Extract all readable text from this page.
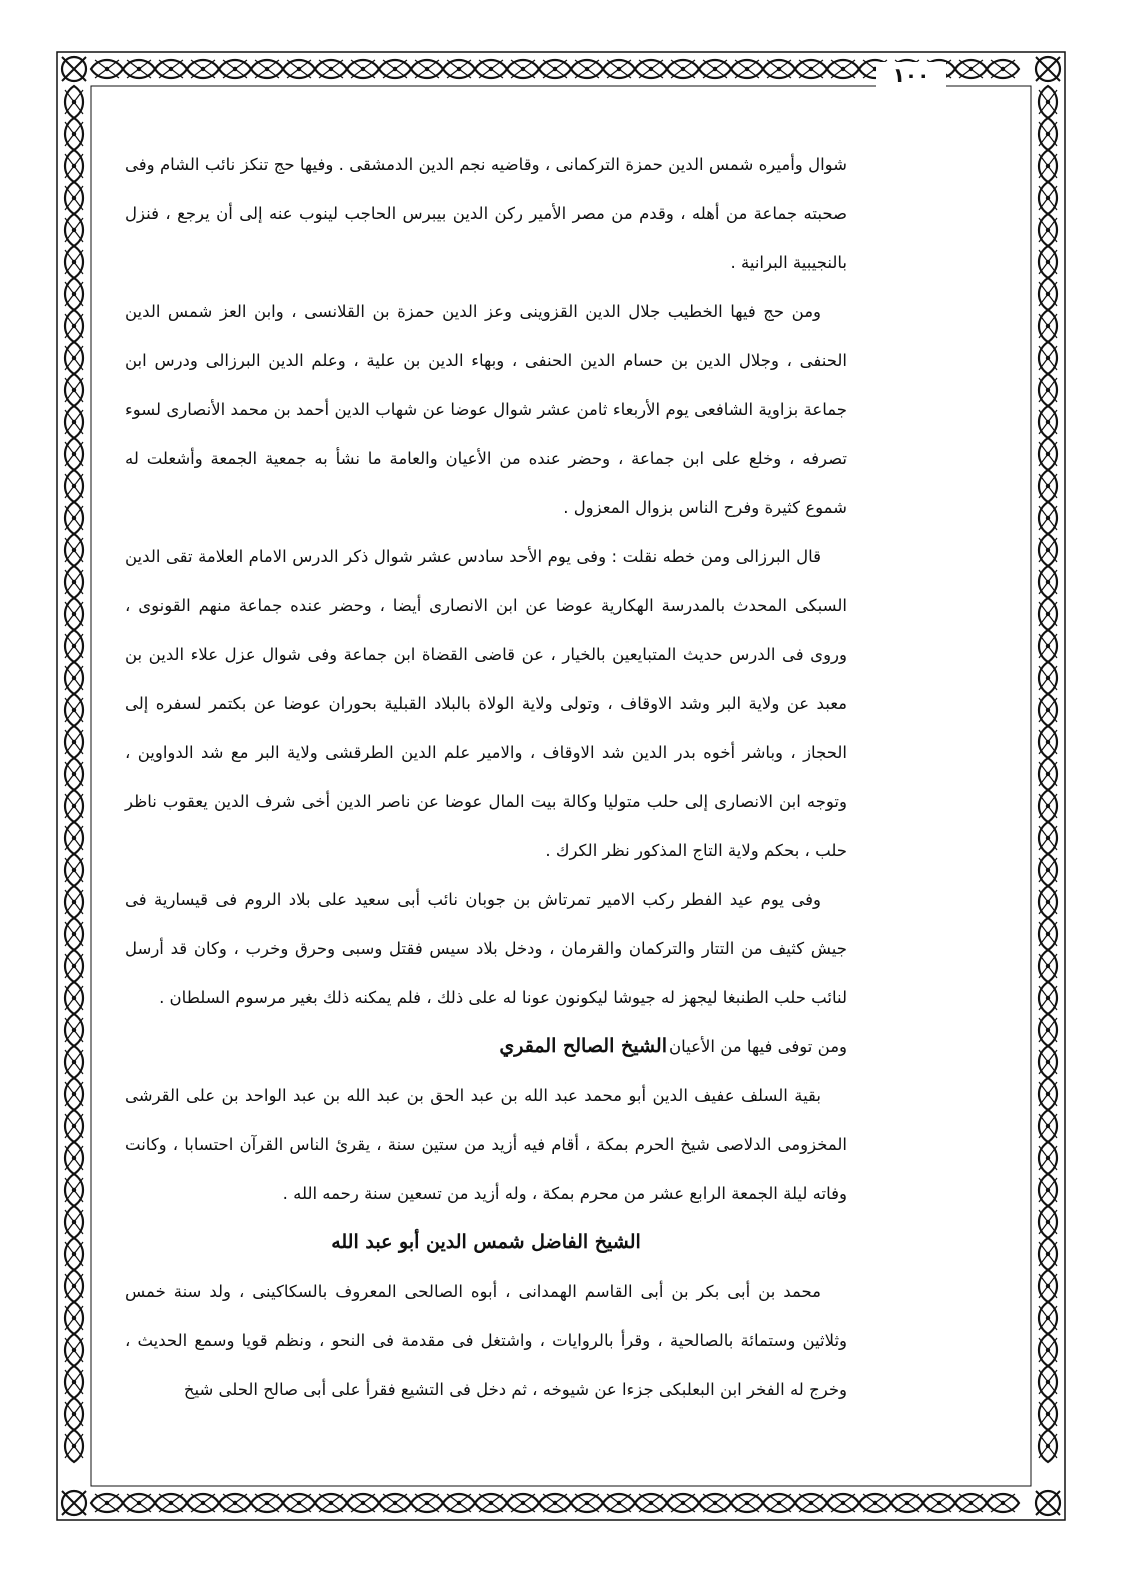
١٠٠

شوال وأميره شمس الدين حمزة التركمانى ، وقاضيه نجم الدين الدمشقى . وفيها حج تنكز نائب الشام وفى صحبته جماعة من أهله ، وقدم من مصر الأمير ركن الدين بيبرس الحاجب لينوب عنه إلى أن يرجع ، فنزل بالنجيبية البرانية .

ومن حج فيها الخطيب جلال الدين القزوينى وعز الدين حمزة بن القلانسى ، وابن العز شمس الدين الحنفى ، وجلال الدين بن حسام الدين الحنفى ، وبهاء الدين بن علية ، وعلم الدين البرزالى ودرس ابن جماعة بزاوية الشافعى يوم الأربعاء ثامن عشر شوال عوضا عن شهاب الدين أحمد بن محمد الأنصارى لسوء تصرفه ، وخلع على ابن جماعة ، وحضر عنده من الأعيان والعامة ما نشأ به جمعية الجمعة وأشعلت له شموع كثيرة وفرح الناس بزوال المعزول .

قال البرزالى ومن خطه نقلت : وفى يوم الأحد سادس عشر شوال ذكر الدرس الامام العلامة تقى الدين السبكى المحدث بالمدرسة الهكارية عوضا عن ابن الانصارى أيضا ، وحضر عنده جماعة منهم القونوى ، وروى فى الدرس حديث المتبايعين بالخيار ، عن قاضى القضاة ابن جماعة وفى شوال عزل علاء الدين بن معبد عن ولاية البر وشد الاوقاف ، وتولى ولاية الولاة بالبلاد القبلية بحوران عوضا عن بكتمر لسفره إلى الحجاز ، وباشر أخوه بدر الدين شد الاوقاف ، والامير علم الدين الطرقشى ولاية البر مع شد الدواوين ، وتوجه ابن الانصارى إلى حلب متوليا وكالة بيت المال عوضا عن ناصر الدين أخى شرف الدين يعقوب ناظر حلب ، بحكم ولاية التاج المذكور نظر الكرك .

وفى يوم عيد الفطر ركب الامير تمرتاش بن جوبان نائب أبى سعيد على بلاد الروم فى قيسارية فى جيش كثيف من التتار والتركمان والقرمان ، ودخل بلاد سيس فقتل وسبى وحرق وخرب ، وكان قد أرسل لنائب حلب الطنبغا ليجهز له جيوشا ليكونون عونا له على ذلك ، فلم يمكنه ذلك بغير مرسوم السلطان .

ومن توفى فيها من الأعيان
الشيخ الصالح المقري

بقية السلف عفيف الدين أبو محمد عبد الله بن عبد الحق بن عبد الله بن عبد الواحد بن على القرشى المخزومى الدلاصى شيخ الحرم بمكة ، أقام فيه أزيد من ستين سنة ، يقرئ الناس القرآن احتسابا ، وكانت وفاته ليلة الجمعة الرابع عشر من محرم بمكة ، وله أزيد من تسعين سنة رحمه الله .

الشيخ الفاضل شمس الدين أبو عبد الله

محمد بن أبى بكر بن أبى القاسم الهمدانى ، أبوه الصالحى المعروف بالسكاكينى ، ولد سنة خمس وثلاثين وستمائة بالصالحية ، وقرأ بالروايات ، واشتغل فى مقدمة فى النحو ، ونظم قويا وسمع الحديث ، وخرج له الفخر ابن البعلبكى جزءا عن شيوخه ، ثم دخل فى التشيع فقرأ على أبى صالح الحلى شيخ
